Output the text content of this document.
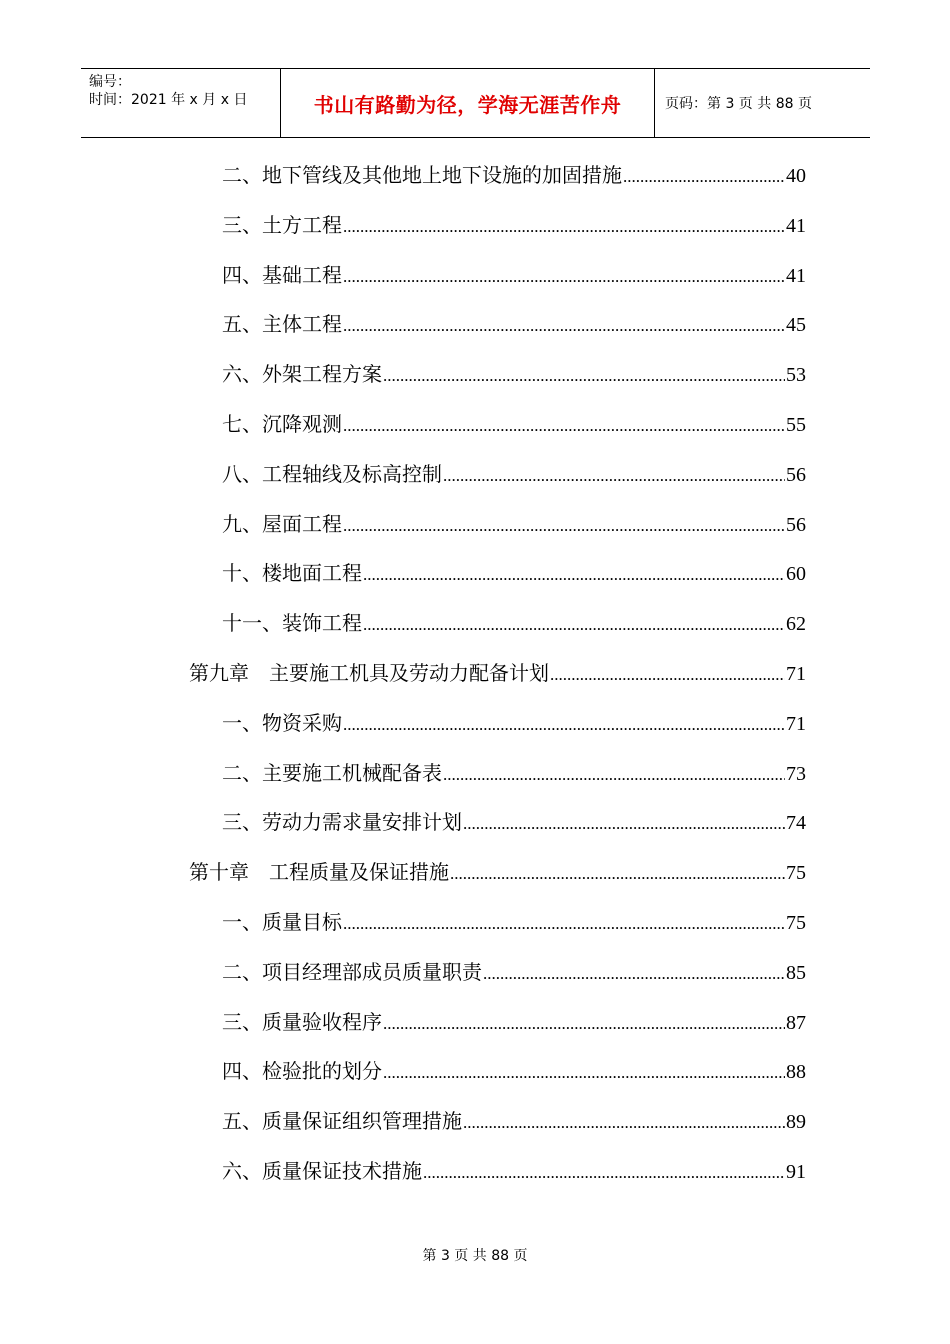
编号：
时间：2021 年 x 月 x 日	书山有路勤为径，学海无涯苦作舟	页码：第 3 页 共 88 页
二、地下管线及其他地上地下设施的加固措施 .....	40
三、土方工程 .....	41
四、基础工程 .....	41
五、主体工程 .....	45
六、外架工程方案 .....	53
七、沉降观测 .....	55
八、工程轴线及标高控制 .....	56
九、屋面工程 .....	56
十、楼地面工程 .....	60
十一、装饰工程 .....	62
第九章　主要施工机具及劳动力配备计划 .....	71
一、物资采购 .....	71
二、主要施工机械配备表 .....	73
三、劳动力需求量安排计划 .....	74
第十章　工程质量及保证措施 .....	75
一、质量目标 .....	75
二、项目经理部成员质量职责 .....	85
三、质量验收程序 .....	87
四、检验批的划分 .....	88
五、质量保证组织管理措施 .....	89
六、质量保证技术措施 .....	91
第 3 页 共 88 页
